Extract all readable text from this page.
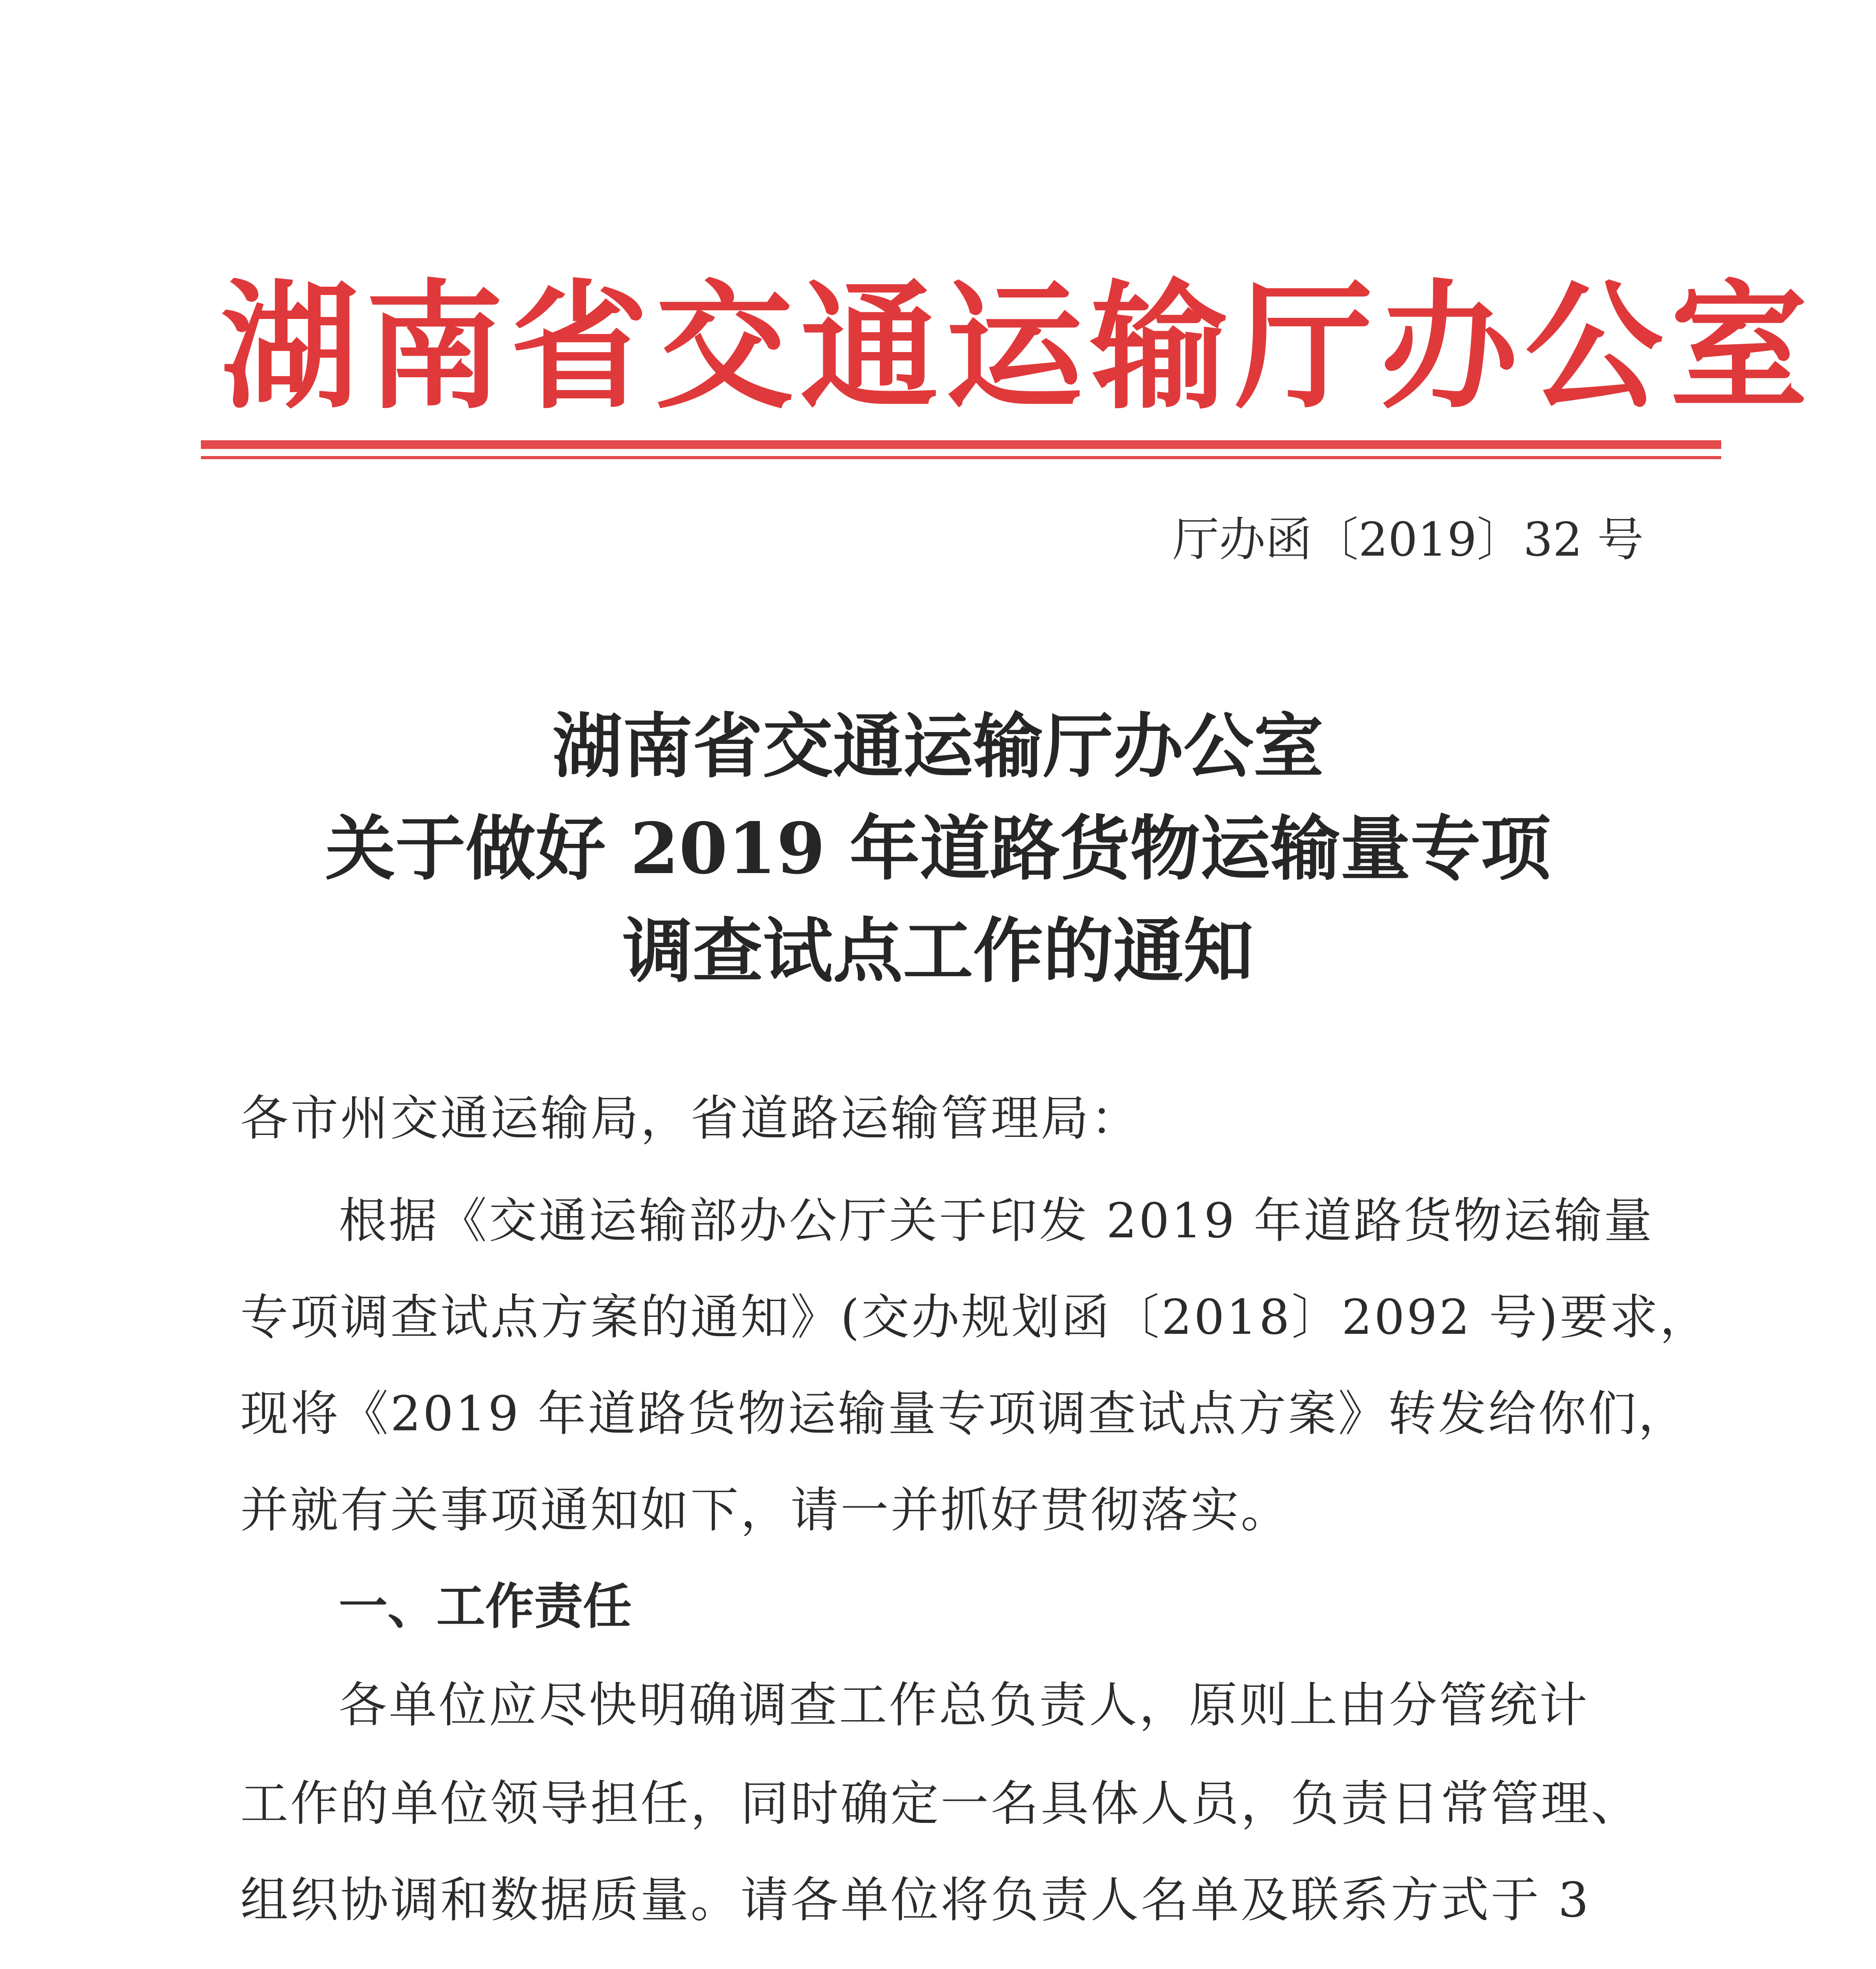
湖南省交通运输厅办公室
厅办函〔2019〕32 号
湖南省交通运输厅办公室
关于做好 2019 年道路货物运输量专项
调查试点工作的通知
各市州交通运输局，省道路运输管理局：
根据《交通运输部办公厅关于印发 2019 年道路货物运输量
专项调查试点方案的通知》(交办规划函〔2018〕2092 号)要求，
现将《2019 年道路货物运输量专项调查试点方案》转发给你们，
并就有关事项通知如下，请一并抓好贯彻落实。
一、工作责任
各单位应尽快明确调查工作总负责人，原则上由分管统计
工作的单位领导担任，同时确定一名具体人员，负责日常管理、
组织协调和数据质量。请各单位将负责人名单及联系方式于 3
